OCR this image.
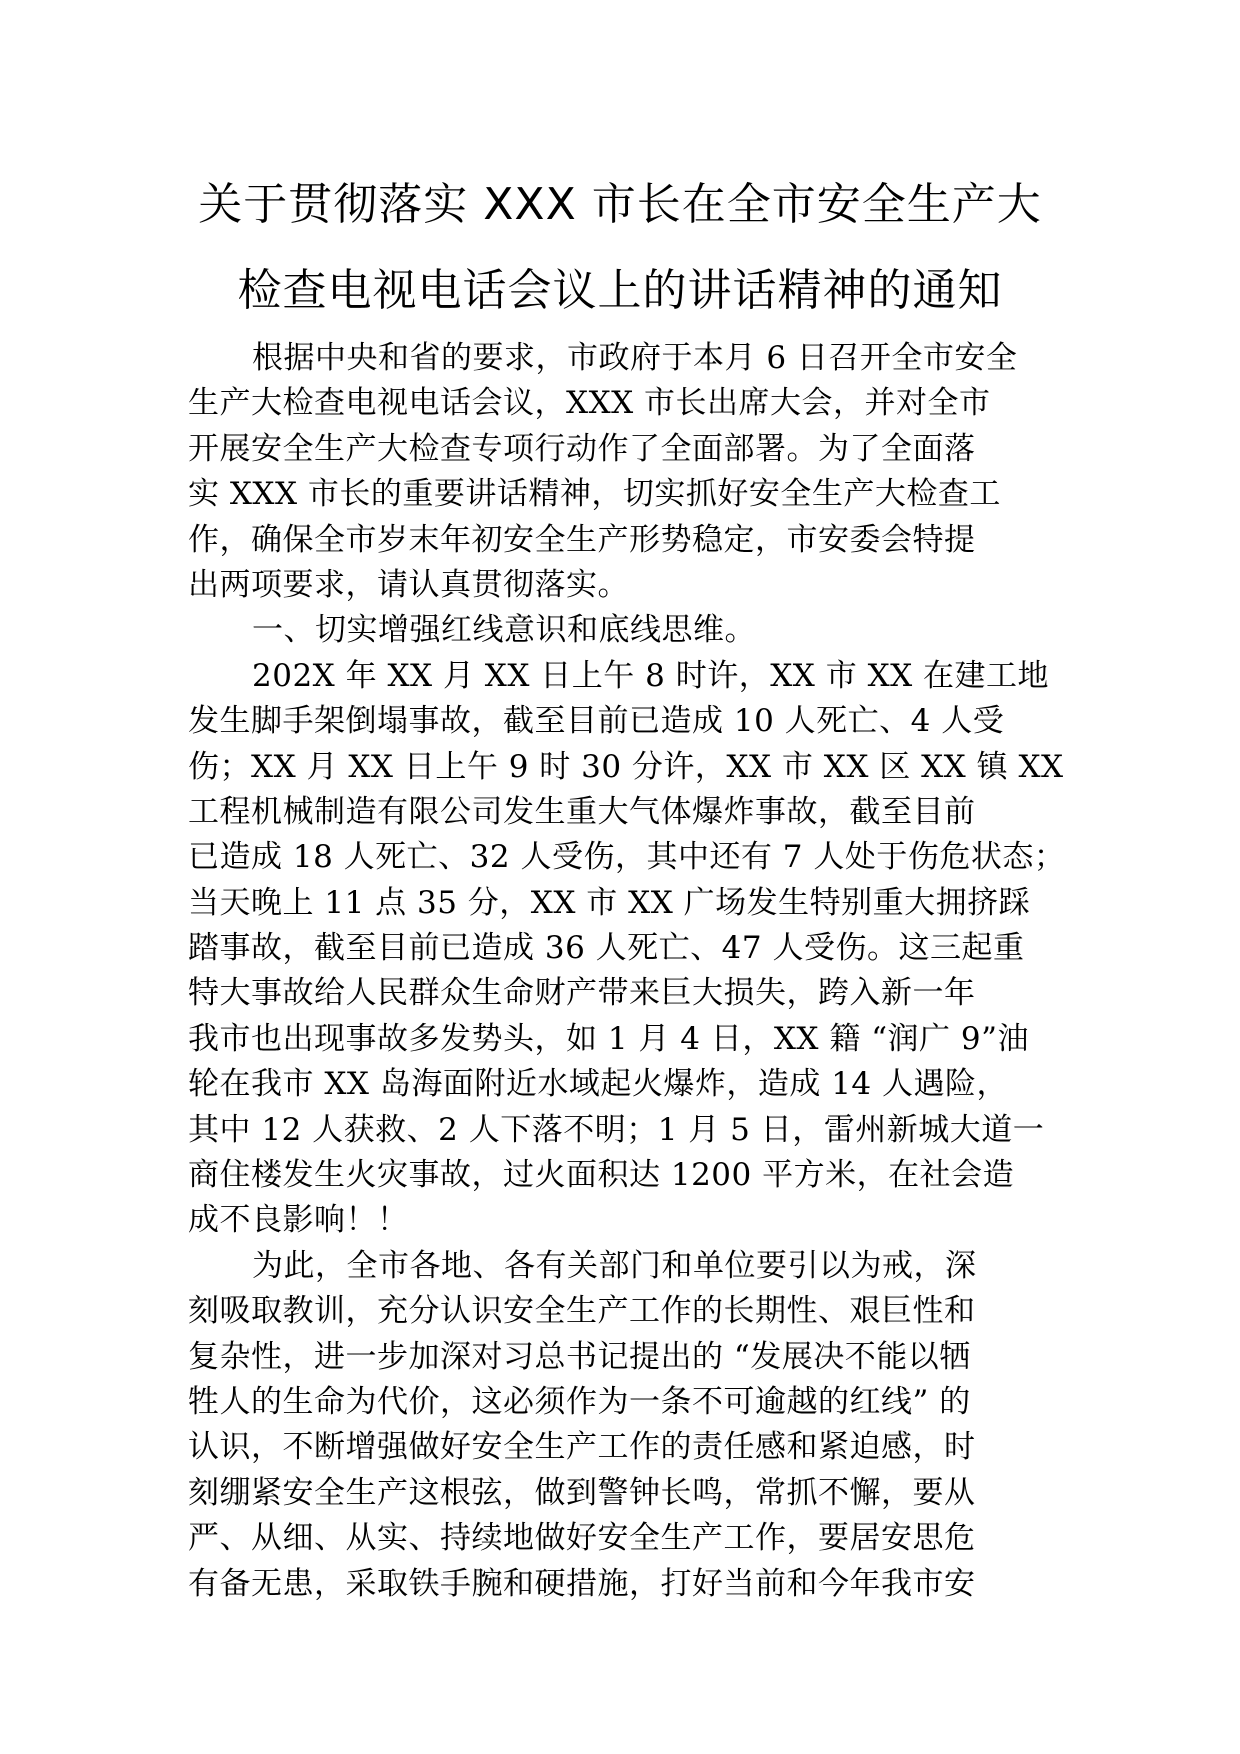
关于贯彻落实 XXX 市长在全市安全生产大
检查电视电话会议上的讲话精神的通知
根据中央和省的要求，市政府于本月 6 日召开全市安全
生产大检查电视电话会议，XXX 市长出席大会，并对全市
开展安全生产大检查专项行动作了全面部署。为了全面落
实 XXX 市长的重要讲话精神，切实抓好安全生产大检查工
作，确保全市岁末年初安全生产形势稳定，市安委会特提
出两项要求，请认真贯彻落实。
一、切实增强红线意识和底线思维。
202X 年 XX 月 XX 日上午 8 时许，XX 市 XX 在建工地
发生脚手架倒塌事故，截至目前已造成 10 人死亡、4 人受
伤；XX 月 XX 日上午 9 时 30 分许，XX 市 XX 区 XX 镇 XX
工程机械制造有限公司发生重大气体爆炸事故，截至目前
已造成 18 人死亡、32 人受伤，其中还有 7 人处于伤危状态；
当天晚上 11 点 35 分，XX 市 XX 广场发生特别重大拥挤踩
踏事故，截至目前已造成 36 人死亡、47 人受伤。这三起重
特大事故给人民群众生命财产带来巨大损失，跨入新一年
我市也出现事故多发势头，如 1 月 4 日，XX 籍 “润广 9”油
轮在我市 XX 岛海面附近水域起火爆炸，造成 14 人遇险，
其中 12 人获救、2 人下落不明；1 月 5 日，雷州新城大道一
商住楼发生火灾事故，过火面积达 1200 平方米，在社会造
成不良影响！！
为此，全市各地、各有关部门和单位要引以为戒，深
刻吸取教训，充分认识安全生产工作的长期性、艰巨性和
复杂性，进一步加深对习总书记提出的 “发展决不能以牺
牲人的生命为代价，这必须作为一条不可逾越的红线” 的
认识，不断增强做好安全生产工作的责任感和紧迫感，时
刻绷紧安全生产这根弦，做到警钟长鸣，常抓不懈，要从
严、从细、从实、持续地做好安全生产工作，要居安思危
有备无患，采取铁手腕和硬措施，打好当前和今年我市安
